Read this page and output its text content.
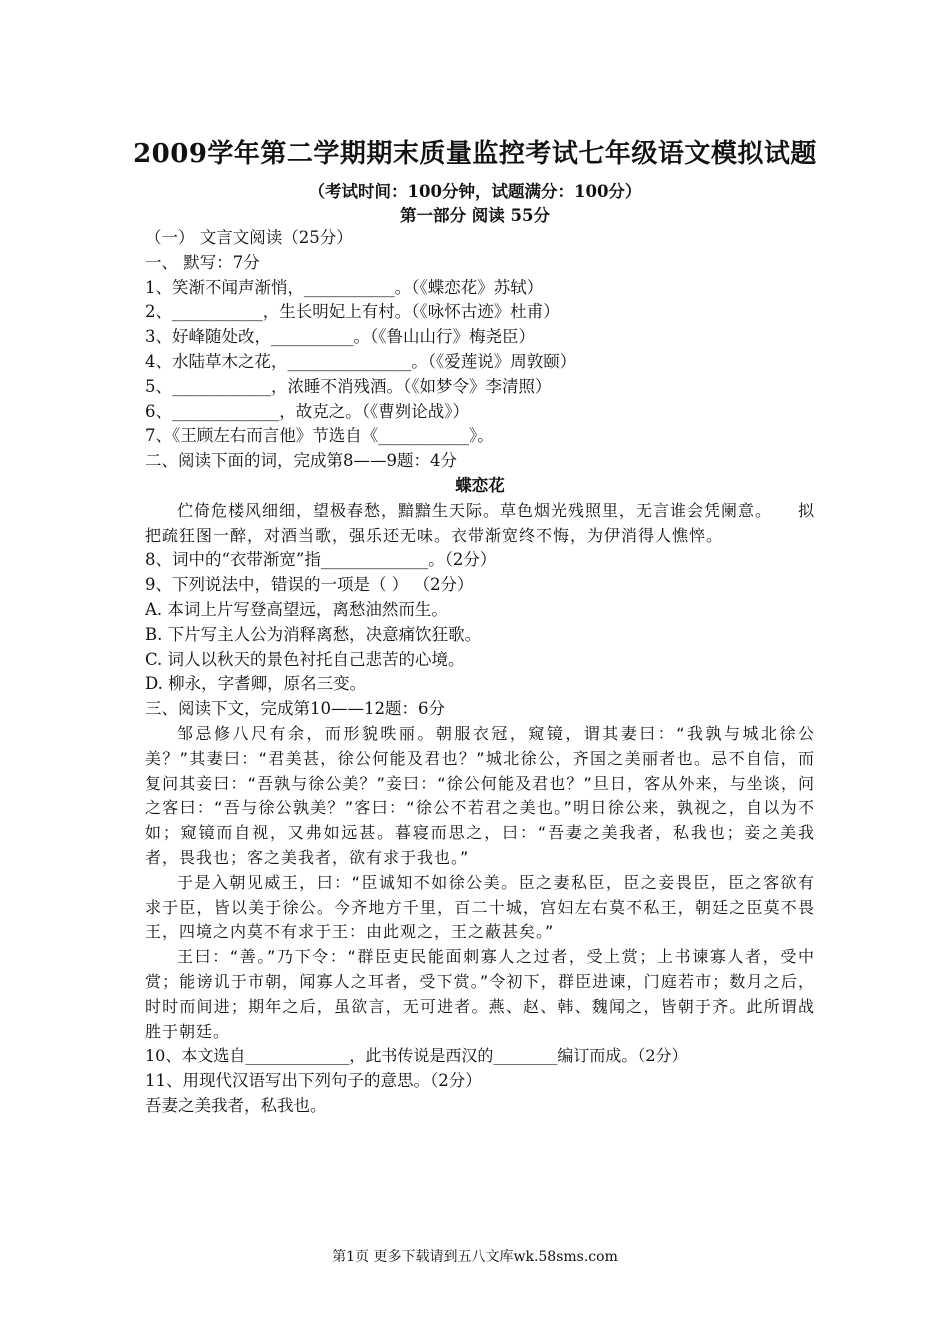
2009学年第二学期期末质量监控考试七年级语文模拟试题
（考试时间：100分钟，试题满分：100分）
第一部分 阅读 55分
（一） 文言文阅读（25分）
一、 默写：7分
1、笑渐不闻声渐悄，___________。（《蝶恋花》苏轼）
2、___________，生长明妃上有村。（《咏怀古迹》杜甫）
3、好峰随处改，__________。（《鲁山山行》梅尧臣）
4、水陆草木之花，_______________。（《爱莲说》周敦颐）
5、____________，浓睡不消残酒。（《如梦令》李清照）
6、_____________，故克之。（《曹刿论战》）
7、《王顾左右而言他》节选自《___________》。
二、阅读下面的词，完成第8——9题：4分
蝶恋花
伫倚危楼风细细，望极春愁，黯黯生天际。草色烟光残照里，无言谁会凭阑意。　　拟把疏狂图一醉，对酒当歌，强乐还无味。衣带渐宽终不悔，为伊消得人憔悴。
8、词中的“衣带渐宽”指_____________。（2分）
9、下列说法中，错误的一项是（ ） （2分）
A. 本词上片写登高望远，离愁油然而生。
B. 下片写主人公为消释离愁，决意痛饮狂歌。
C. 词人以秋天的景色衬托自己悲苦的心境。
D. 柳永，字耆卿，原名三变。
三、阅读下文，完成第10——12题：6分
邹忌修八尺有余，而形貌昳丽。朝服衣冠，窥镜，谓其妻曰：“我孰与城北徐公美？”其妻曰：“君美甚，徐公何能及君也？”城北徐公，齐国之美丽者也。忌不自信，而复问其妾曰：“吾孰与徐公美？”妾曰：“徐公何能及君也？”旦日，客从外来，与坐谈，问之客曰：“吾与徐公孰美？”客曰：“徐公不若君之美也。”明日徐公来，孰视之，自以为不如；窥镜而自视，又弗如远甚。暮寝而思之，曰：“吾妻之美我者，私我也；妾之美我者，畏我也；客之美我者，欲有求于我也。”
于是入朝见威王，曰：“臣诚知不如徐公美。臣之妻私臣，臣之妾畏臣，臣之客欲有求于臣，皆以美于徐公。今齐地方千里，百二十城，宫妇左右莫不私王，朝廷之臣莫不畏王，四境之内莫不有求于王：由此观之，王之蔽甚矣。”
王曰：“善。”乃下令：“群臣吏民能面刺寡人之过者，受上赏；上书谏寡人者，受中赏；能谤讥于市朝，闻寡人之耳者，受下赏。”令初下，群臣进谏，门庭若市；数月之后，时时而间进；期年之后，虽欲言，无可进者。燕、赵、韩、魏闻之，皆朝于齐。此所谓战胜于朝廷。
10、本文选自_____________，此书传说是西汉的________编订而成。（2分）
11、用现代汉语写出下列句子的意思。（2分）
吾妻之美我者，私我也。
第1页 更多下载请到五八文库wk.58sms.com
